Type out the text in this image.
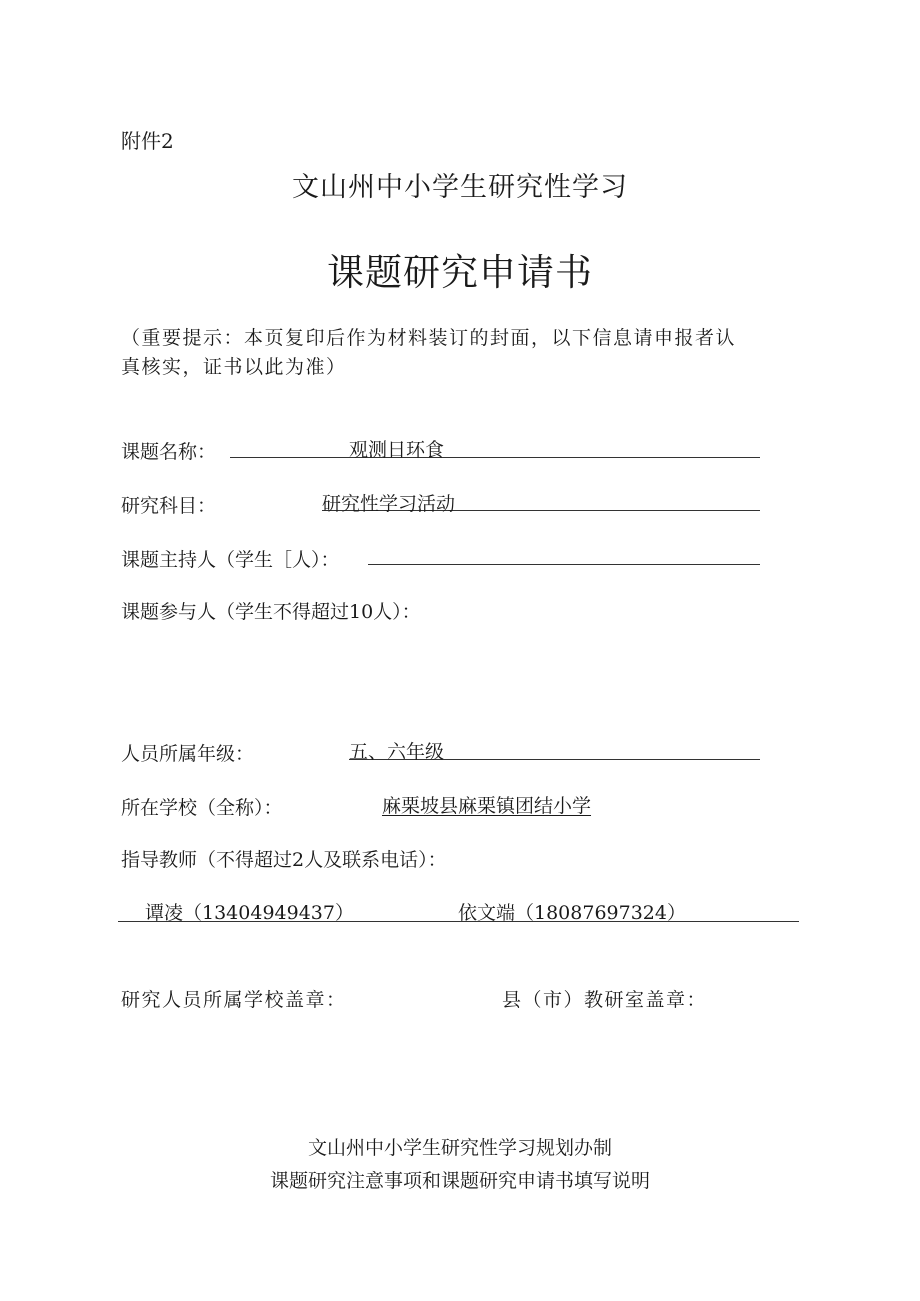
附件2
文山州中小学生研究性学习
课题研究申请书
（重要提示：本页复印后作为材料装订的封面，以下信息请申报者认
真核实，证书以此为准）
课题名称：	观测日环食
研究科目：	研究性学习活动
课题主持人（学生［人）：
课题参与人（学生不得超过10人）：
人员所属年级：	五、六年级
所在学校（全称）：	麻栗坡县麻栗镇团结小学
指导教师（不得超过2人及联系电话）：
谭凌（13404949437）	依文端（18087697324）
研究人员所属学校盖章：	县（市）教研室盖章：
文山州中小学生研究性学习规划办制
课题研究注意事项和课题研究申请书填写说明
